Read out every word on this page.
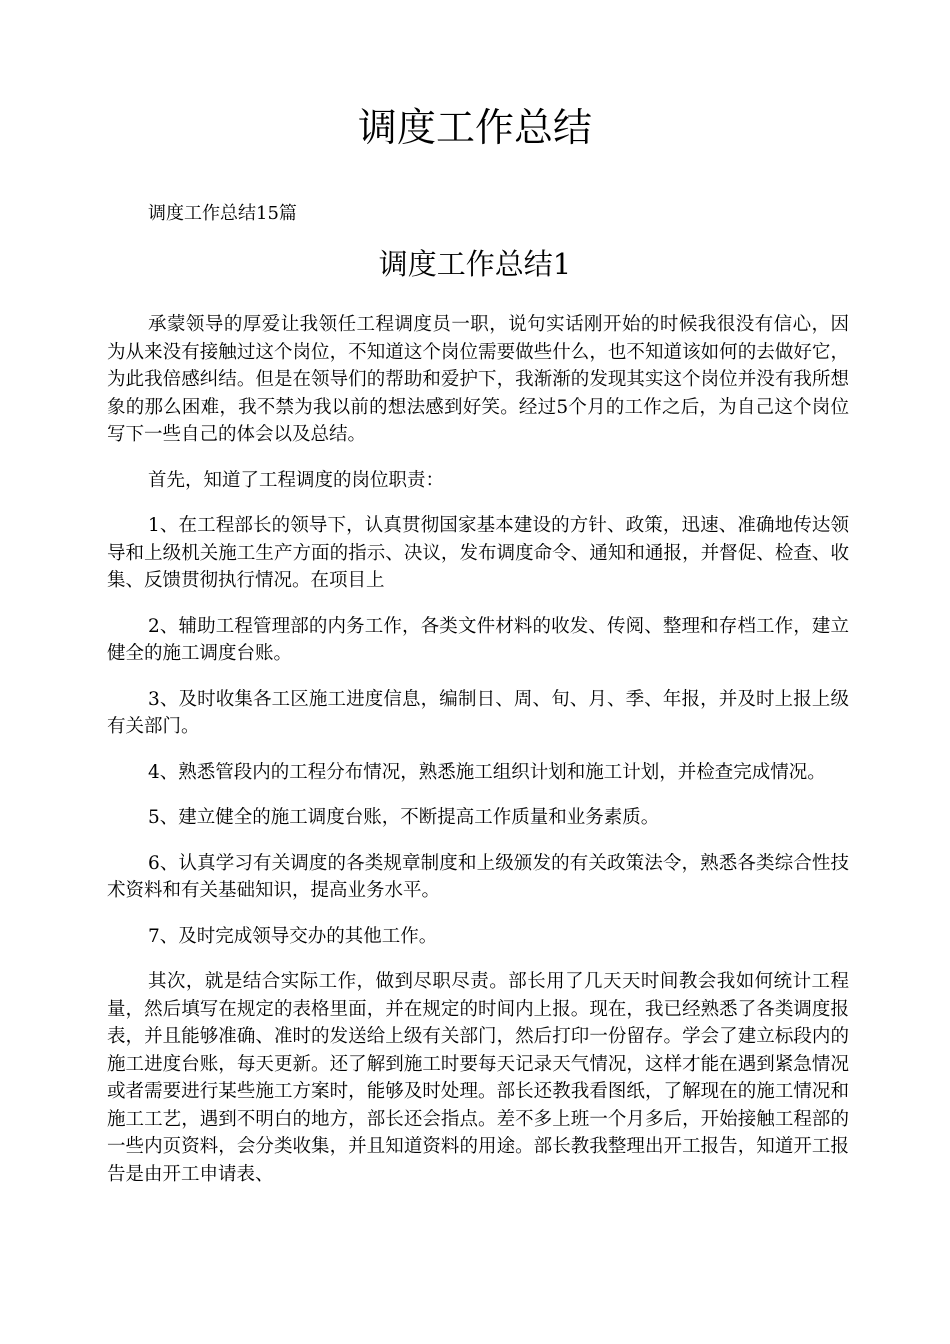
调度工作总结

调度工作总结15篇

调度工作总结1

承蒙领导的厚爱让我领任工程调度员一职，说句实话刚开始的时候我很没有信心，因为从来没有接触过这个岗位，不知道这个岗位需要做些什么，也不知道该如何的去做好它，为此我倍感纠结。但是在领导们的帮助和爱护下，我渐渐的发现其实这个岗位并没有我所想象的那么困难，我不禁为我以前的想法感到好笑。经过5个月的工作之后，为自己这个岗位写下一些自己的体会以及总结。

首先，知道了工程调度的岗位职责：

1、在工程部长的领导下，认真贯彻国家基本建设的方针、政策，迅速、准确地传达领导和上级机关施工生产方面的指示、决议，发布调度命令、通知和通报，并督促、检查、收集、反馈贯彻执行情况。在项目上

2、辅助工程管理部的内务工作，各类文件材料的收发、传阅、整理和存档工作，建立健全的施工调度台账。

3、及时收集各工区施工进度信息，编制日、周、旬、月、季、年报，并及时上报上级有关部门。

4、熟悉管段内的工程分布情况，熟悉施工组织计划和施工计划，并检查完成情况。

5、建立健全的施工调度台账，不断提高工作质量和业务素质。

6、认真学习有关调度的各类规章制度和上级颁发的有关政策法令，熟悉各类综合性技术资料和有关基础知识，提高业务水平。

7、及时完成领导交办的其他工作。

其次，就是结合实际工作，做到尽职尽责。部长用了几天天时间教会我如何统计工程量，然后填写在规定的表格里面，并在规定的时间内上报。现在，我已经熟悉了各类调度报表，并且能够准确、准时的发送给上级有关部门，然后打印一份留存。学会了建立标段内的施工进度台账，每天更新。还了解到施工时要每天记录天气情况，这样才能在遇到紧急情况或者需要进行某些施工方案时，能够及时处理。部长还教我看图纸，了解现在的施工情况和施工工艺，遇到不明白的地方，部长还会指点。差不多上班一个月多后，开始接触工程部的一些内页资料，会分类收集，并且知道资料的用途。部长教我整理出开工报告，知道开工报告是由开工申请表、
